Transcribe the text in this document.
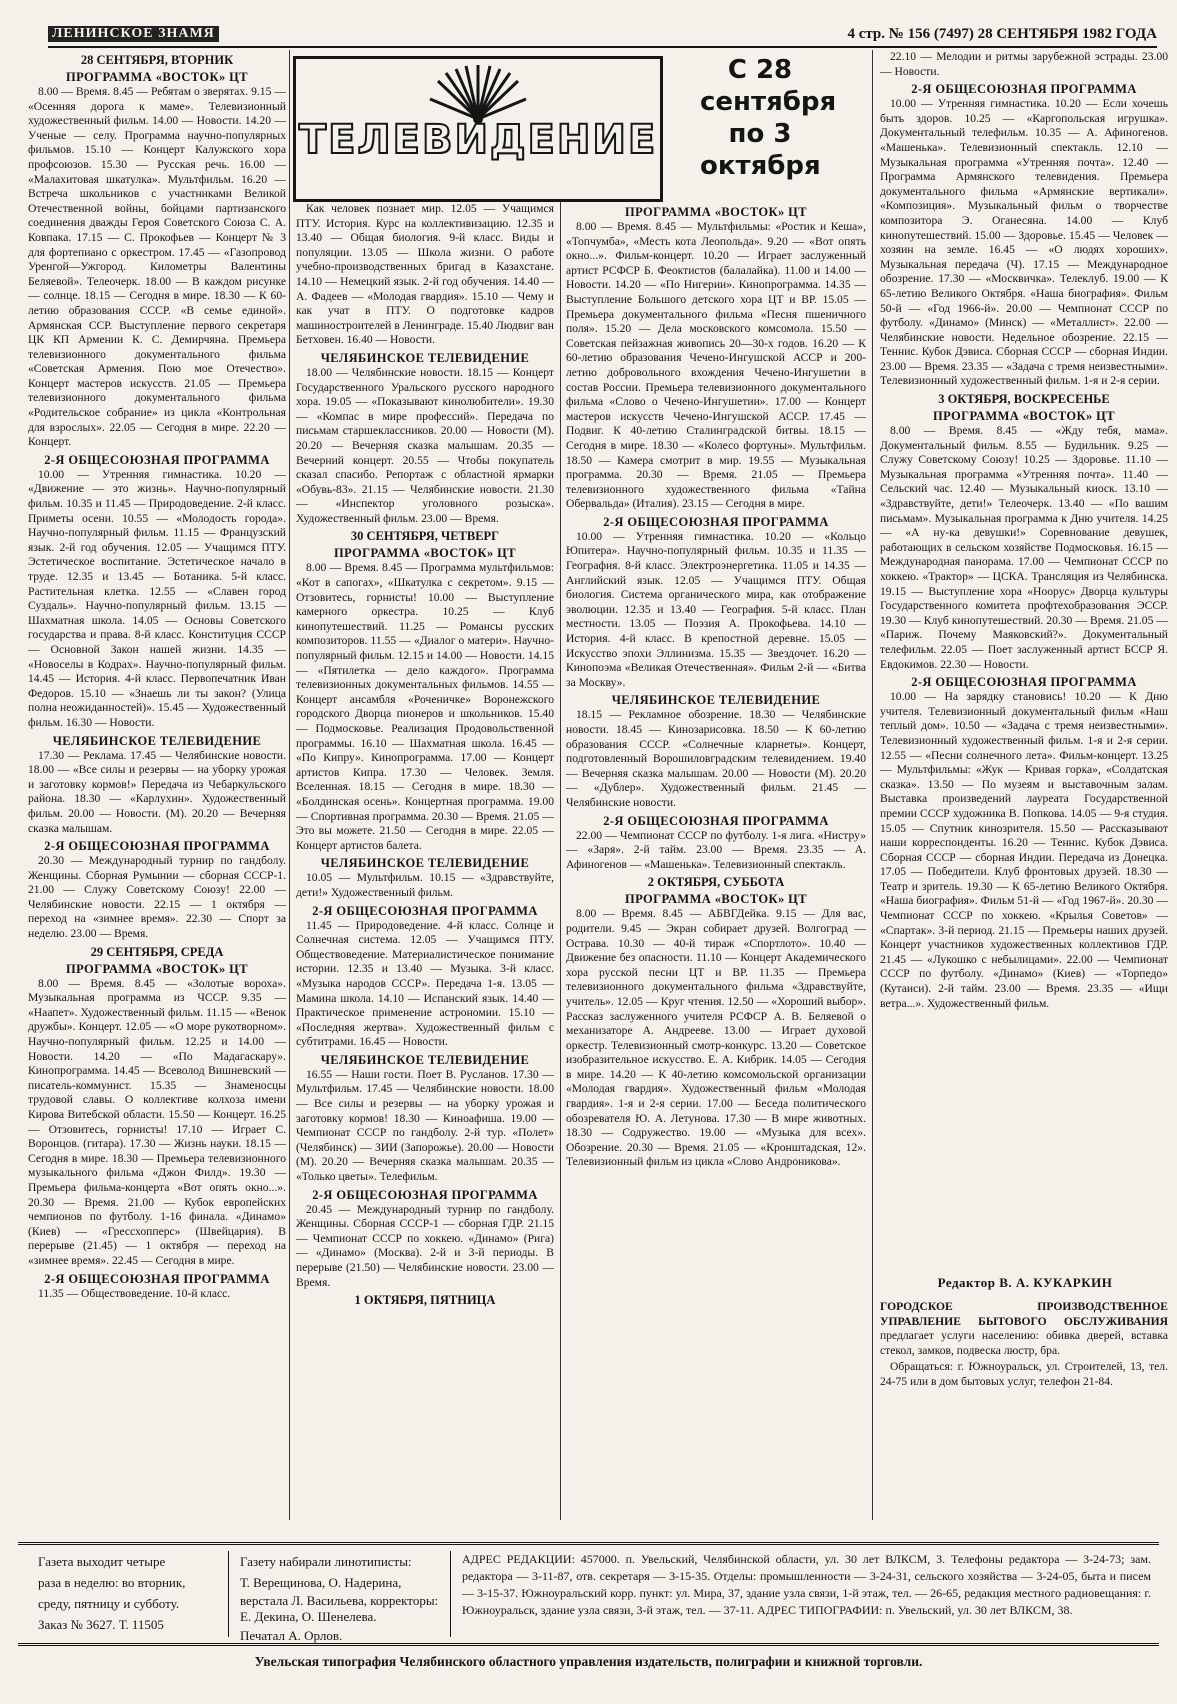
ЛЕНИНСКОЕ ЗНАМЯ	4 стр. № 156 (7497) 28 СЕНТЯБРЯ 1982 ГОДА
28 СЕНТЯБРЯ, ВТОРНИК
ПРОГРАММА «ВОСТОК» ЦТ

8.00 — Время. 8.45 — Ребятам о зверятах. 9.15 — «Осенняя дорога к маме». Телевизионный художественный фильм. 14.00 — Новости. 14.20 — Ученые — селу. Программа научно-популярных фильмов. 15.10 — Концерт Калужского хора профсоюзов. 15.30 — Русская речь. 16.00 — «Малахитовая шкатулка». Мультфильм. 16.20 — Встреча школьников с участниками Великой Отечественной войны, бойцами партизанского соединения дважды Героя Советского Союза С. А. Ковпака. 17.15 — С. Прокофьев — Концерт № 3 для фортепиано с оркестром. 17.45 — «Газопровод Уренгой—Ужгород. Километры Валентины Беляевой». Телеочерк. 18.00 — В каждом рисунке — солнце. 18.15 — Сегодня в мире. 18.30 — К 60-летию образования СССР. «В семье единой». Армянская ССР. Выступление первого секретаря ЦК КП Армении К. С. Демирчяна. Премьера телевизионного документального фильма «Советская Армения. Пою мое Отечество». Концерт мастеров искусств. 21.05 — Премьера телевизионного документального фильма «Родительское собрание» из цикла «Контрольная для взрослых». 22.05 — Сегодня в мире. 22.20 — Концерт.

2-Я ОБЩЕСОЮЗНАЯ ПРОГРАММА

10.00 — Утренняя гимнастика. 10.20 — «Движение — это жизнь». Научно-популярный фильм. 10.35 и 11.45 — Природоведение. 2-й класс. Приметы осени. 10.55 — «Молодость города». Научно-популярный фильм. 11.15 — Французский язык. 2-й год обучения. 12.05 — Учащимся ПТУ. Эстетическое воспитание. Эстетическое начало в труде. 12.35 и 13.45 — Ботаника. 5-й класс. Растительная клетка. 12.55 — «Славен город Суздаль». Научно-популярный фильм. 13.15 — Шахматная школа. 14.05 — Основы Советского государства и права. 8-й класс. Конституция СССР — Основной Закон нашей жизни. 14.35 — «Новоселы в Кодрах». Научно-популярный фильм. 14.45 — История. 4-й класс. Первопечатник Иван Федоров. 15.10 — «Знаешь ли ты закон? (Улица полна неожиданностей)». 15.45 — Художественный фильм. 16.30 — Новости.

ЧЕЛЯБИНСКОЕ ТЕЛЕВИДЕНИЕ

17.30 — Реклама. 17.45 — Челябинские новости. 18.00 — «Все силы и резервы — на уборку урожая и заготовку кормов!» Передача из Чебаркульского района. 18.30 — «Карлухин». Художественный фильм. 20.00 — Новости. (М). 20.20 — Вечерняя сказка малышам.

2-Я ОБЩЕСОЮЗНАЯ ПРОГРАММА

20.30 — Международный турнир по гандболу. Женщины. Сборная Румынии — сборная СССР-1. 21.00 — Служу Советскому Союзу! 22.00 — Челябинские новости. 22.15 — 1 октября — переход на «зимнее время». 22.30 — Спорт за неделю. 23.00 — Время.

29 СЕНТЯБРЯ, СРЕДА
ПРОГРАММА «ВОСТОК» ЦТ

8.00 — Время. 8.45 — «Золотые вороха». Музыкальная программа из ЧССР. 9.35 — «Наапет». Художественный фильм. 11.15 — «Венок дружбы». Концерт. 12.05 — «О море рукотворном». Научно-популярный фильм. 12.25 и 14.00 — Новости. 14.20 — «По Мадагаскару». Кинопрограмма. 14.45 — Всеволод Вишневский — писатель-коммунист. 15.35 — Знаменосцы трудовой славы. О коллективе колхоза имени Кирова Витебской области. 15.50 — Концерт. 16.25 — Отзовитесь, горнисты! 17.10 — Играет С. Воронцов. (гитара). 17.30 — Жизнь науки. 18.15 — Сегодня в мире. 18.30 — Премьера телевизионного музыкального фильма «Джон Филд». 19.30 — Премьера фильма-концерта «Вот опять окно...». 20.30 — Время. 21.00 — Кубок европейских чемпионов по футболу. 1-16 финала. «Динамо» (Киев) — «Грессхопперс» (Швейцария). В перерыве (21.45) — 1 октября — переход на «зимнее время». 22.45 — Сегодня в мире.

2-Я ОБЩЕСОЮЗНАЯ ПРОГРАММА

11.35 — Обществоведение. 10-й класс.

ТЕЛЕВИДЕНИЕ
С 28
сентября
по 3
октября

Как человек познает мир. 12.05 — Учащимся ПТУ. История. Курс на коллективизацию. 12.35 и 13.40 — Общая биология. 9-й класс. Виды и популяции. 13.05 — Школа жизни. О работе учебно-производственных бригад в Казахстане. 14.10 — Немецкий язык. 2-й год обучения. 14.40 — А. Фадеев — «Молодая гвардия». 15.10 — Чему и как учат в ПТУ. О подготовке кадров машиностроителей в Ленинграде. 15.40 Людвиг ван Бетховен. 16.40 — Новости.

ЧЕЛЯБИНСКОЕ ТЕЛЕВИДЕНИЕ

18.00 — Челябинские новости. 18.15 — Концерт Государственного Уральского русского народного хора. 19.05 — «Показывают кинолюбители». 19.30 — «Компас в мире профессий». Передача по письмам старшеклассников. 20.00 — Новости (М). 20.20 — Вечерняя сказка малышам. 20.35 — Вечерний концерт. 20.55 — Чтобы покупатель сказал спасибо. Репортаж с областной ярмарки «Обувь-83». 21.15 — Челябинские новости. 21.30 — «Инспектор уголовного розыска». Художественный фильм. 23.00 — Время.

30 СЕНТЯБРЯ, ЧЕТВЕРГ
ПРОГРАММА «ВОСТОК» ЦТ

8.00 — Время. 8.45 — Программа мультфильмов: «Кот в сапогах», «Шкатулка с секретом». 9.15 — Отзовитесь, горнисты! 10.00 — Выступление камерного оркестра. 10.25 — Клуб кинопутешествий. 11.25 — Романсы русских композиторов. 11.55 — «Диалог о матери». Научно-популярный фильм. 12.15 и 14.00 — Новости. 14.15 — «Пятилетка — дело каждого». Программа телевизионных документальных фильмов. 14.55 — Концерт ансамбля «Роченичке» Воронежского городского Дворца пионеров и школьников. 15.40 — Подмосковье. Реализация Продовольственной программы. 16.10 — Шахматная школа. 16.45 — «По Кипру». Кинопрограмма. 17.00 — Концерт артистов Кипра. 17.30 — Человек. Земля. Вселенная. 18.15 — Сегодня в мире. 18.30 — «Болдинская осень». Концертная программа. 19.00 — Спортивная программа. 20.30 — Время. 21.05 — Это вы можете. 21.50 — Сегодня в мире. 22.05 — Концерт артистов балета.

ЧЕЛЯБИНСКОЕ ТЕЛЕВИДЕНИЕ

10.05 — Мультфильм. 10.15 — «Здравствуйте, дети!» Художественный фильм.

2-Я ОБЩЕСОЮЗНАЯ ПРОГРАММА

11.45 — Природоведение. 4-й класс. Солнце и Солнечная система. 12.05 — Учащимся ПТУ. Обществоведение. Материалистическое понимание истории. 12.35 и 13.40 — Музыка. 3-й класс. «Музыка народов СССР». Передача 1-я. 13.05 — Мамина школа. 14.10 — Испанский язык. 14.40 — Практическое применение астрономии. 15.10 — «Последняя жертва». Художественный фильм с субтитрами. 16.45 — Новости.

ЧЕЛЯБИНСКОЕ ТЕЛЕВИДЕНИЕ

16.55 — Наши гости. Поет В. Русланов. 17.30 — Мультфильм. 17.45 — Челябинские новости. 18.00 — Все силы и резервы — на уборку урожая и заготовку кормов! 18.30 — Киноафиша. 19.00 — Чемпионат СССР по гандболу. 2-й тур. «Полет» (Челябинск) — ЗИИ (Запорожье). 20.00 — Новости (М). 20.20 — Вечерняя сказка малышам. 20.35 — «Только цветы». Телефильм.

2-Я ОБЩЕСОЮЗНАЯ ПРОГРАММА

20.45 — Международный турнир по гандболу. Женщины. Сборная СССР-1 — сборная ГДР. 21.15 — Чемпионат СССР по хоккею. «Динамо» (Рига) — «Динамо» (Москва). 2-й и 3-й периоды. В перерыве (21.50) — Челябинские новости. 23.00 — Время.

1 ОКТЯБРЯ, ПЯТНИЦА
ПРОГРАММА «ВОСТОК» ЦТ

8.00 — Время. 8.45 — Мультфильмы: «Ростик и Кеша», «Топчумба», «Месть кота Леопольда». 9.20 — «Вот опять окно...». Фильм-концерт. 10.20 — Играет заслуженный артист РСФСР Б. Феоктистов (балалайка). 11.00 и 14.00 — Новости. 14.20 — «По Нигерии». Кинопрограмма. 14.35 — Выступление Большого детского хора ЦТ и ВР. 15.05 — Премьера документального фильма «Песня пшеничного поля». 15.20 — Дела московского комсомола. 15.50 — Советская пейзажная живопись 20—30-х годов. 16.20 — К 60-летию образования Чечено-Ингушской АССР и 200-летию добровольного вхождения Чечено-Ингушетии в состав России. Премьера телевизионного документального фильма «Слово о Чечено-Ингушетии». 17.00 — Концерт мастеров искусств Чечено-Ингушской АССР. 17.45 — Подвиг. К 40-летию Сталинградской битвы. 18.15 — Сегодня в мире. 18.30 — «Колесо фортуны». Мультфильм. 18.50 — Камера смотрит в мир. 19.55 — Музыкальная программа. 20.30 — Время. 21.05 — Премьера телевизионного художественного фильма «Тайна Обервальда» (Италия). 23.15 — Сегодня в мире.

2-Я ОБЩЕСОЮЗНАЯ ПРОГРАММА

10.00 — Утренняя гимнастика. 10.20 — «Кольцо Юпитера». Научно-популярный фильм. 10.35 и 11.35 — География. 8-й класс. Электроэнергетика. 11.05 и 14.35 — Английский язык. 12.05 — Учащимся ПТУ. Общая биология. Система органического мира, как отображение эволюции. 12.35 и 13.40 — География. 5-й класс. План местности. 13.05 — Поэзия А. Прокофьева. 14.10 — История. 4-й класс. В крепостной деревне. 15.05 — Искусство эпохи Эллинизма. 15.35 — Звездочет. 16.20 — Кинопоэма «Великая Отечественная». Фильм 2-й — «Битва за Москву».

ЧЕЛЯБИНСКОЕ ТЕЛЕВИДЕНИЕ

18.15 — Рекламное обозрение. 18.30 — Челябинские новости. 18.45 — Кинозарисовка. 18.50 — К 60-летию образования СССР. «Солнечные кларнеты». Концерт, подготовленный Ворошиловградским телевидением. 19.40 — Вечерняя сказка малышам. 20.00 — Новости (М). 20.20 — «Дублер». Художественный фильм. 21.45 — Челябинские новости.

2-Я ОБЩЕСОЮЗНАЯ ПРОГРАММА

22.00 — Чемпионат СССР по футболу. 1-я лига. «Нистру» — «Заря». 2-й тайм. 23.00 — Время. 23.35 — А. Афиногенов — «Машенька». Телевизионный спектакль.

2 ОКТЯБРЯ, СУББОТА
ПРОГРАММА «ВОСТОК» ЦТ

8.00 — Время. 8.45 — АБВГДейка. 9.15 — Для вас, родители. 9.45 — Экран собирает друзей. Волгоград — Острава. 10.30 — 40-й тираж «Спортлото». 10.40 — Движение без опасности. 11.10 — Концерт Академического хора русской песни ЦТ и ВР. 11.35 — Премьера телевизионного документального фильма «Здравствуйте, учитель». 12.05 — Круг чтения. 12.50 — «Хороший выбор». Рассказ заслуженного учителя РСФСР А. В. Беляевой о механизаторе А. Андрееве. 13.00 — Играет духовой оркестр. Телевизионный смотр-конкурс. 13.20 — Советское изобразительное искусство. Е. А. Кибрик. 14.05 — Сегодня в мире. 14.20 — К 40-летию комсомольской организации «Молодая гвардия». Художественный фильм «Молодая гвардия». 1-я и 2-я серии. 17.00 — Беседа политического обозревателя Ю. А. Летунова. 17.30 — В мире животных. 18.30 — Содружество. 19.00 — «Музыка для всех». Обозрение. 20.30 — Время. 21.05 — «Кронштадская, 12». Телевизионный фильм из цикла «Слово Андроникова».

22.10 — Мелодии и ритмы зарубежной эстрады. 23.00 — Новости.

2-Я ОБЩЕСОЮЗНАЯ ПРОГРАММА

10.00 — Утренняя гимнастика. 10.20 — Если хочешь быть здоров. 10.25 — «Каргопольская игрушка». Документальный телефильм. 10.35 — А. Афиногенов. «Машенька». Телевизионный спектакль. 12.10 — Музыкальная программа «Утренняя почта». 12.40 — Программа Армянского телевидения. Премьера документального фильма «Армянские вертикали». «Композиция». Музыкальный фильм о творчестве композитора Э. Оганесяна. 14.00 — Клуб кинопутешествий. 15.00 — Здоровье. 15.45 — Человек — хозяин на земле. 16.45 — «О людях хороших». Музыкальная передача (Ч). 17.15 — Международное обозрение. 17.30 — «Москвичка». Телеклуб. 19.00 — К 65-летию Великого Октября. «Наша биография». Фильм 50-й — «Год 1966-й». 20.00 — Чемпионат СССР по футболу. «Динамо» (Минск) — «Металлист». 22.00 — Челябинские новости. Недельное обозрение. 22.15 — Теннис. Кубок Дэвиса. Сборная СССР — сборная Индии. 23.00 — Время. 23.35 — «Задача с тремя неизвестными». Телевизионный художественный фильм. 1-я и 2-я серии.

3 ОКТЯБРЯ, ВОСКРЕСЕНЬЕ
ПРОГРАММА «ВОСТОК» ЦТ

8.00 — Время. 8.45 — «Жду тебя, мама». Документальный фильм. 8.55 — Будильник. 9.25 — Служу Советскому Союзу! 10.25 — Здоровье. 11.10 — Музыкальная программа «Утренняя почта». 11.40 — Сельский час. 12.40 — Музыкальный киоск. 13.10 — «Здравствуйте, дети!» Телеочерк. 13.40 — «По вашим письмам». Музыкальная программа к Дню учителя. 14.25 — «А ну-ка девушки!» Соревнование девушек, работающих в сельском хозяйстве Подмосковья. 16.15 — Международная панорама. 17.00 — Чемпионат СССР по хоккею. «Трактор» — ЦСКА. Трансляция из Челябинска. 19.15 — Выступление хора «Ноорус» Дворца культуры Государственного комитета профтехобразования ЭССР. 19.30 — Клуб кинопутешествий. 20.30 — Время. 21.05 — «Париж. Почему Маяковский?». Документальный телефильм. 22.05 — Поет заслуженный артист БССР Я. Евдокимов. 22.30 — Новости.

2-Я ОБЩЕСОЮЗНАЯ ПРОГРАММА

10.00 — На зарядку становись! 10.20 — К Дню учителя. Телевизионный документальный фильм «Наш теплый дом». 10.50 — «Задача с тремя неизвестными». Телевизионный художественный фильм. 1-я и 2-я серии. 12.55 — «Песни солнечного лета». Фильм-концерт. 13.25 — Мультфильмы: «Жук — Кривая горка», «Солдатская сказка». 13.50 — По музеям и выставочным залам. Выставка произведений лауреата Государственной премии СССР художника В. Попкова. 14.05 — 9-я студия. 15.05 — Спутник кинозрителя. 15.50 — Рассказывают наши корреспонденты. 16.20 — Теннис. Кубок Дэвиса. Сборная СССР — сборная Индии. Передача из Донецка. 17.05 — Победители. Клуб фронтовых друзей. 18.30 — Театр и зритель. 19.30 — К 65-летию Великого Октября. «Наша биография». Фильм 51-й — «Год 1967-й». 20.30 — Чемпионат СССР по хоккею. «Крылья Советов» — «Спартак». 3-й период. 21.15 — Премьеры наших друзей. Концерт участников художественных коллективов ГДР. 21.45 — «Лукошко с небылицами». 22.00 — Чемпионат СССР по футболу. «Динамо» (Киев) — «Торпедо» (Кутаиси). 2-й тайм. 23.00 — Время. 23.35 — «Ищи ветра...». Художественный фильм.

Редактор В. А. КУКАРКИН
ГОРОДСКОЕ ПРОИЗВОДСТВЕННОЕ УПРАВЛЕНИЕ БЫТОВОГО ОБСЛУЖИВАНИЯ предлагает услуги населению: обивка дверей, вставка стекол, замков, подвеска люстр, бра.

Обращаться: г. Южноуральск, ул. Строителей, 13, тел. 24-75 или в дом бытовых услуг, телефон 21-84.

Газета выходит четыре
раза в неделю: во вторник,
среду, пятницу и субботу.
Заказ № 3627. Т. 11505
Газету набирали линотиписты:
Т. Верещинова, О. Надерина,
верстала Л. Васильева, корректоры: Е. Декина, О. Шенелева.
Печатал А. Орлов.
АДРЕС РЕДАКЦИИ: 457000. п. Увельский, Челябинской области, ул. 30 лет ВЛКСМ, 3. Телефоны редактора — 3-24-73; зам. редактора — 3-11-87, отв. секретаря — 3-15-35. Отделы: промышленности — 3-24-31, сельского хозяйства — 3-24-05, быта и писем — 3-15-37. Южноуральский корр. пункт: ул. Мира, 37, здание узла связи, 1-й этаж, тел. — 26-65, редакция местного радиовещания: г. Южноуральск, здание узла связи, 3-й этаж, тел. — 37-11. АДРЕС ТИПОГРАФИИ: п. Увельский, ул. 30 лет ВЛКСМ, 38.
Увельская типография Челябинского областного управления издательств, полиграфии и книжной торговли.
